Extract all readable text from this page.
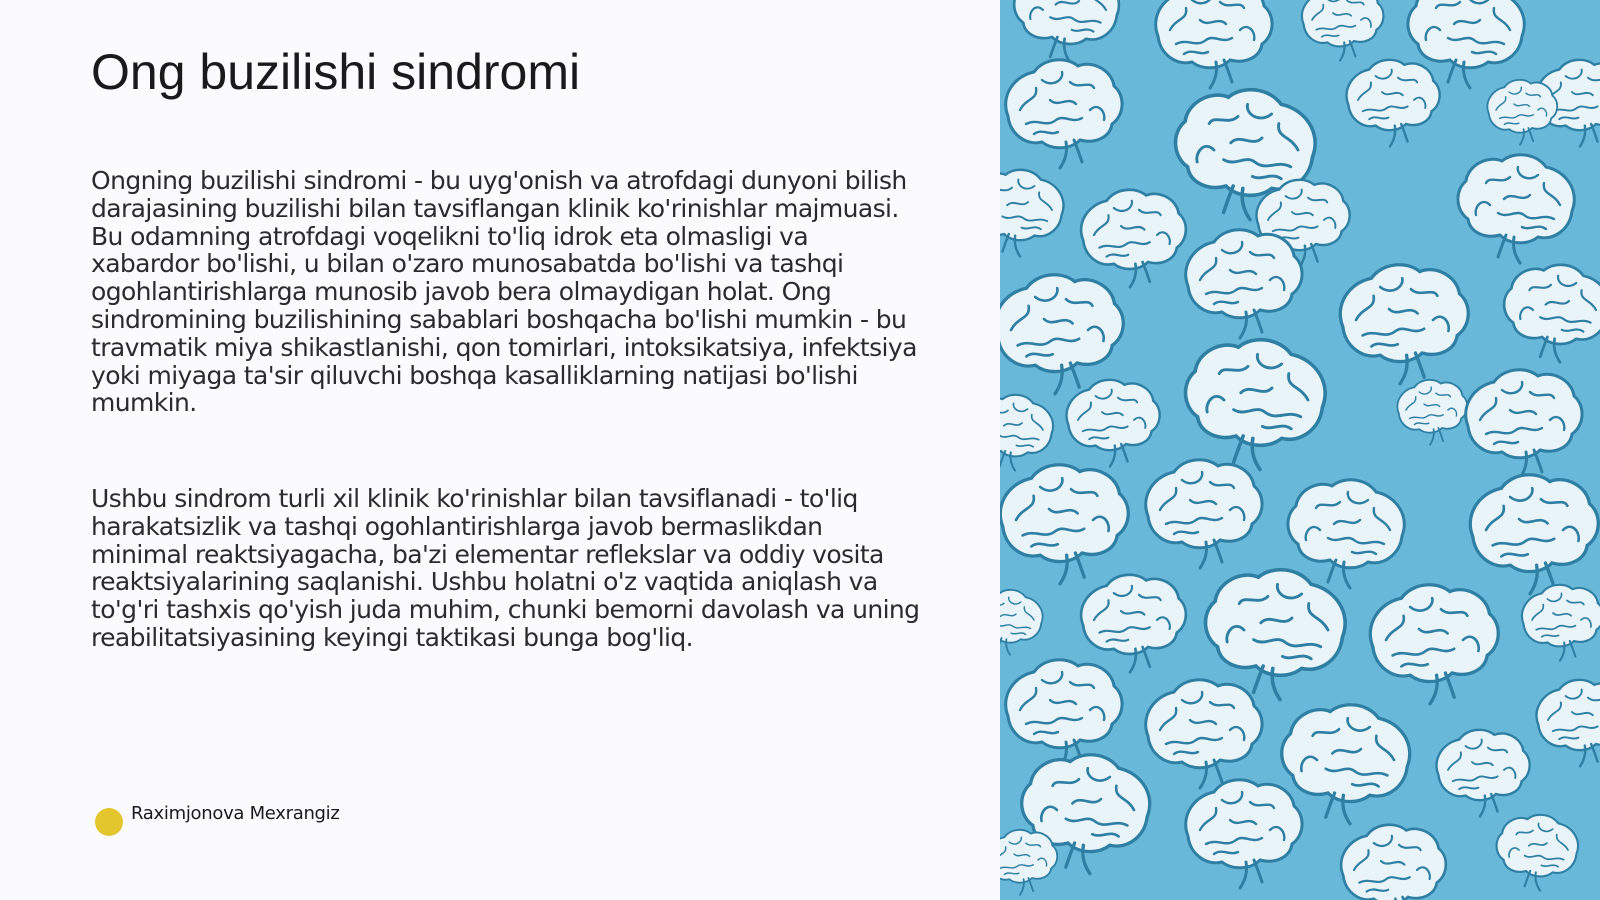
Ong buzilishi sindromi

Ongning buzilishi sindromi - bu uyg'onish va atrofdagi dunyoni bilish darajasining buzilishi bilan tavsiflangan klinik ko'rinishlar majmuasi. Bu odamning atrofdagi voqelikni to'liq idrok eta olmasligi va xabardor bo'lishi, u bilan o'zaro munosabatda bo'lishi va tashqi ogohlantirishlarga munosib javob bera olmaydigan holat. Ong sindromining buzilishining sabablari boshqacha bo'lishi mumkin - bu travmatik miya shikastlanishi, qon tomirlari, intoksikatsiya, infektsiya yoki miyaga ta'sir qiluvchi boshqa kasalliklarning natijasi bo'lishi mumkin.

Ushbu sindrom turli xil klinik ko'rinishlar bilan tavsiflanadi - to'liq harakatsizlik va tashqi ogohlantirishlarga javob bermaslikdan minimal reaktsiyagacha, ba'zi elementar reflekslar va oddiy vosita reaktsiyalarining saqlanishi. Ushbu holatni o'z vaqtida aniqlash va to'g'ri tashxis qo'yish juda muhim, chunki bemorni davolash va uning reabilitatsiyasining keyingi taktikasi bunga bog'liq.

Raximjonova Mexrangiz
